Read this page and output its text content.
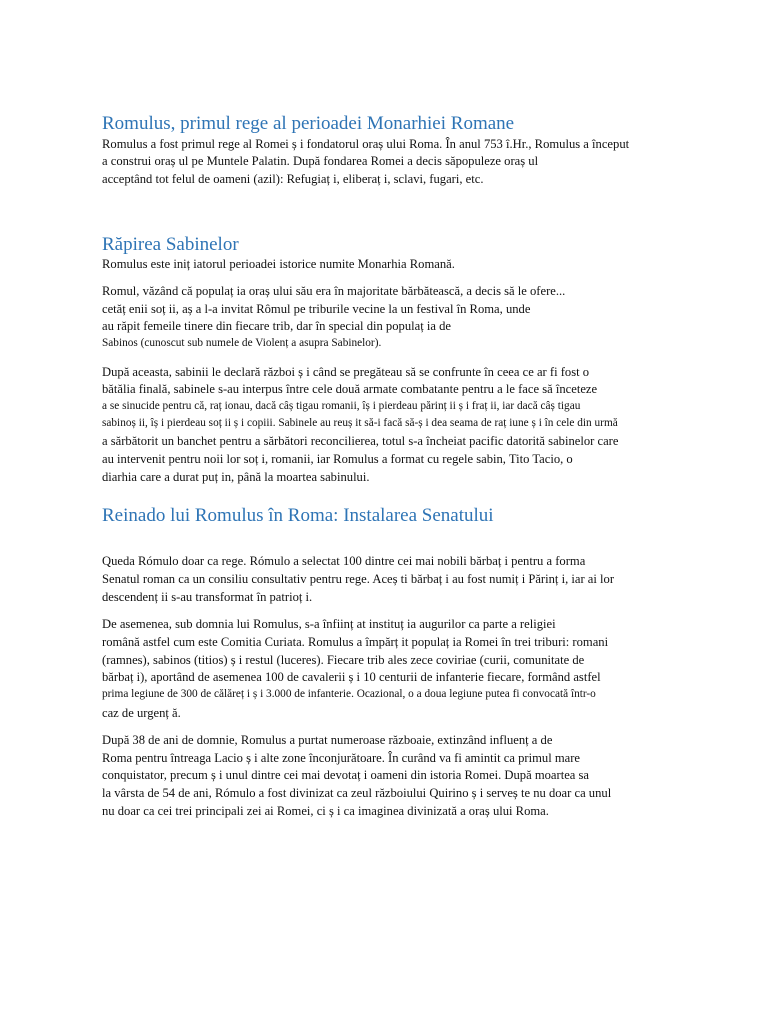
Romulus, primul rege al perioadei Monarhiei Romane

Romulus a fost primul rege al Romei ș i fondatorul oraș ului Roma. În anul 753 î.Hr., Romulus a început

a construi oraș ul pe Muntele Palatin. După fondarea Romei a decis săpopuleze oraș ul

acceptând tot felul de oameni (azil): Refugiaț i, eliberaț i, sclavi, fugari, etc.

Răpirea Sabinelor

Romulus este iniț iatorul perioadei istorice numite Monarhia Romană.

Romul, văzând că populaț ia oraș ului său era în majoritate bărbătească, a decis să le ofere...

cetăț enii soț ii, aș a l-a invitat Rômul pe triburile vecine la un festival în Roma, unde

au răpit femeile tinere din fiecare trib, dar în special din populaț ia de

Sabinos (cunoscut sub numele de Violenț a asupra Sabinelor).

După aceasta, sabinii le declară război ș i când se pregăteau să se confrunte în ceea ce ar fi fost o

bătălia finală, sabinele s-au interpus între cele două armate combatante pentru a le face să înceteze

a se sinucide pentru că, raț ionau, dacă câș tigau romanii, îș i pierdeau părinț ii ș i fraț ii, iar dacă câș tigau

sabinoș ii, îș i pierdeau soț ii ș i copiii. Sabinele au reuș it să-i facă să-ș i dea seama de raț iune ș i în cele din urmă

a sărbătorit un banchet pentru a sărbători reconcilierea, totul s-a încheiat pacific datorită sabinelor care

au intervenit pentru noii lor soț i, romanii, iar Romulus a format cu regele sabin, Tito Tacio, o

diarhia care a durat puț in, până la moartea sabinului.

Reinado lui Romulus în Roma: Instalarea Senatului

Queda Rómulo doar ca rege. Rómulo a selectat 100 dintre cei mai nobili bărbaț i pentru a forma

Senatul roman ca un consiliu consultativ pentru rege. Aceș ti bărbaț i au fost numiț i Părinț i, iar ai lor

descendenț ii s-au transformat în patrioț i.

De asemenea, sub domnia lui Romulus, s-a înființ at instituț ia augurilor ca parte a religiei

română astfel cum este Comitia Curiata. Romulus a împărț it populaț ia Romei în trei triburi: romani

(ramnes), sabinos (titios) ș i restul (luceres). Fiecare trib ales zece coviriae (curii, comunitate de

bărbaț i), aportând de asemenea 100 de cavalerii ș i 10 centurii de infanterie fiecare, formând astfel

prima legiune de 300 de călăreț i ș i 3.000 de infanterie. Ocazional, o a doua legiune putea fi convocată într-o

caz de urgenț ă.

După 38 de ani de domnie, Romulus a purtat numeroase războaie, extinzând influenț a de

Roma pentru întreaga Lacio ș i alte zone înconjurătoare. În curând va fi amintit ca primul mare

conquistator, precum ș i unul dintre cei mai devotaț i oameni din istoria Romei. După moartea sa

la vârsta de 54 de ani, Rómulo a fost divinizat ca zeul războiului Quirino ș i serveș te nu doar ca unul

nu doar ca cei trei principali zei ai Romei, ci ș i ca imaginea divinizată a oraș ului Roma.
